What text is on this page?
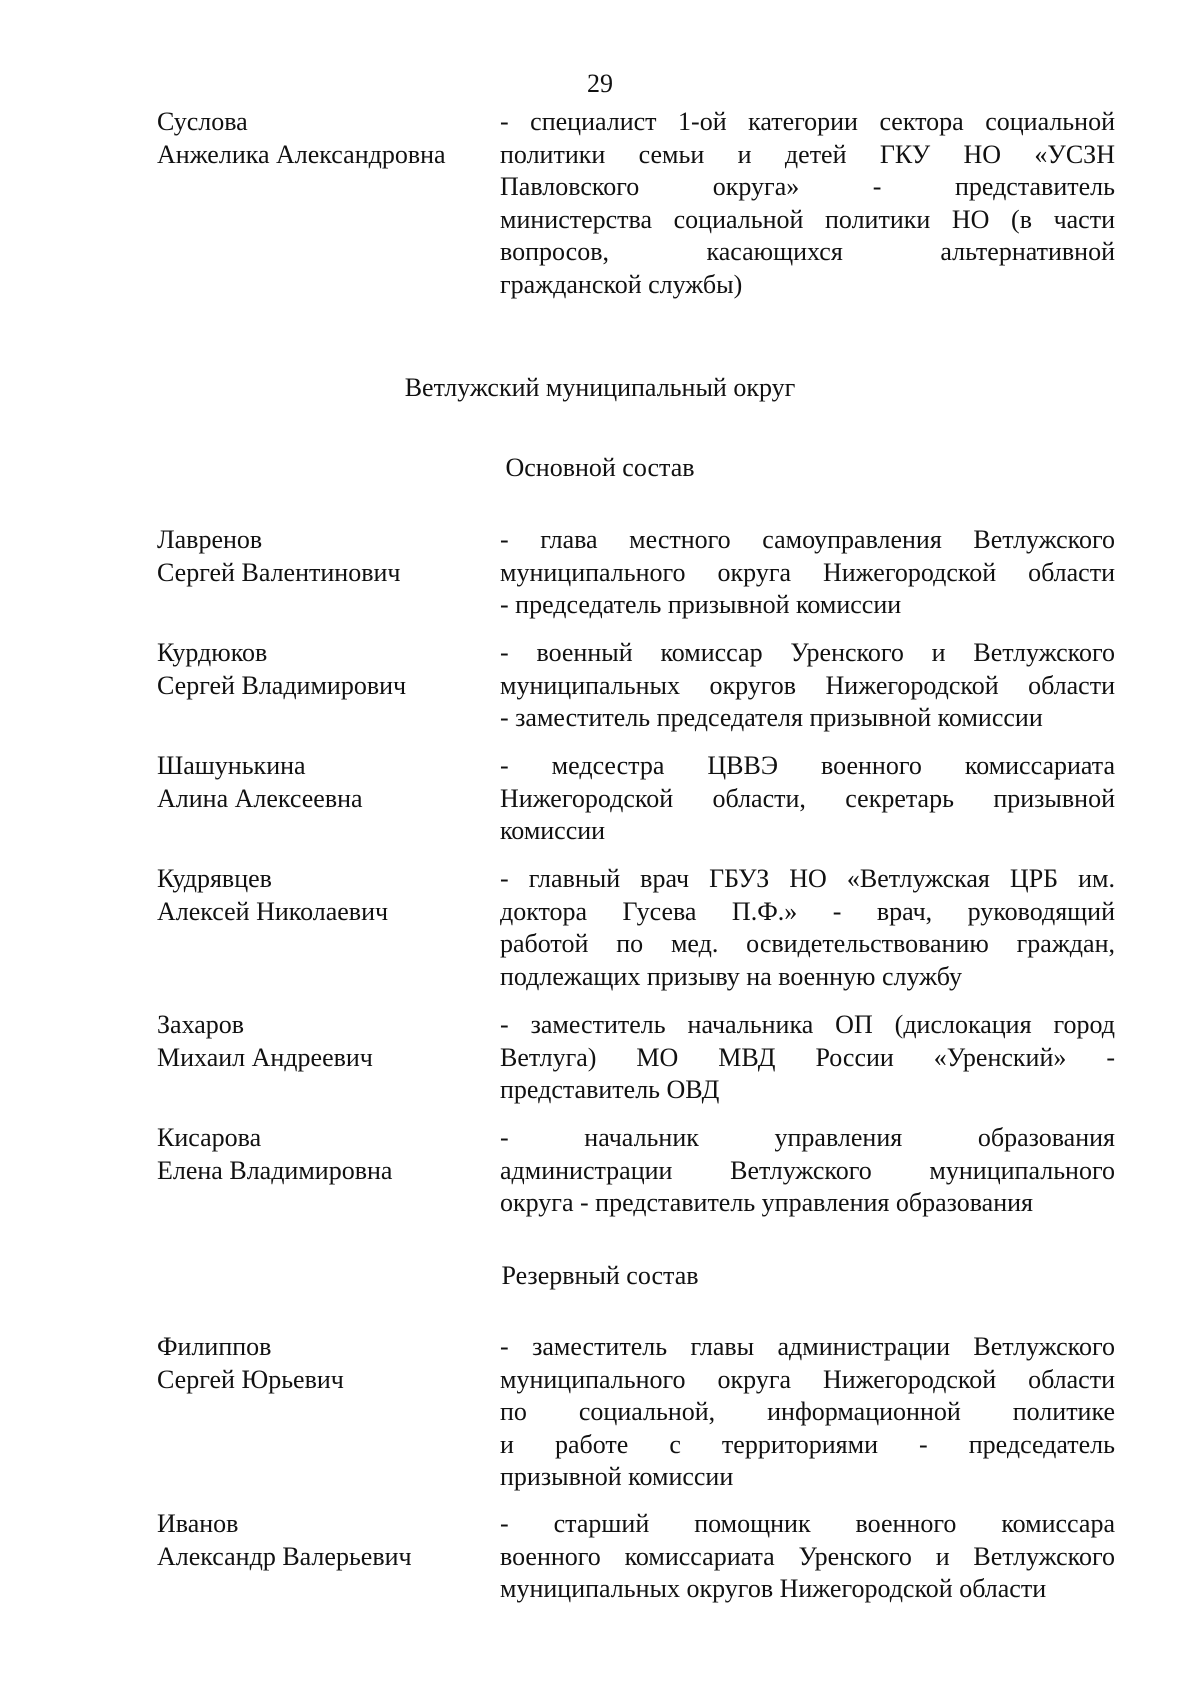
29
Суслова
Анжелика Александровна
- специалист 1-ой категории сектора социальной
политики семьи и детей ГКУ НО «УСЗН
Павловского округа» - представитель
министерства социальной политики НО (в части
вопросов, касающихся альтернативной
гражданской службы)
Ветлужский муниципальный округ
Основной состав
Лавренов
Сергей Валентинович
- глава местного самоуправления Ветлужского
муниципального округа Нижегородской области
- председатель призывной комиссии
Курдюков
Сергей Владимирович
- военный комиссар Уренского и Ветлужского
муниципальных округов Нижегородской области
- заместитель председателя призывной комиссии
Шашунькина
Алина Алексеевна
- медсестра ЦВВЭ военного комиссариата
Нижегородской области, секретарь призывной
комиссии
Кудрявцев
Алексей Николаевич
- главный врач ГБУЗ НО «Ветлужская ЦРБ им.
доктора Гусева П.Ф.» - врач, руководящий
работой по мед. освидетельствованию граждан,
подлежащих призыву на военную службу
Захаров
Михаил Андреевич
- заместитель начальника ОП (дислокация город
Ветлуга) МО МВД России «Уренский» -
представитель ОВД
Кисарова
Елена Владимировна
- начальник управления образования
администрации Ветлужского муниципального
округа - представитель управления образования
Резервный состав
Филиппов
Сергей Юрьевич
- заместитель главы администрации Ветлужского
муниципального округа Нижегородской области
по социальной, информационной политике
и работе с территориями - председатель
призывной комиссии
Иванов
Александр Валерьевич
- старший помощник военного комиссара
военного комиссариата Уренского и Ветлужского
муниципальных округов Нижегородской области
